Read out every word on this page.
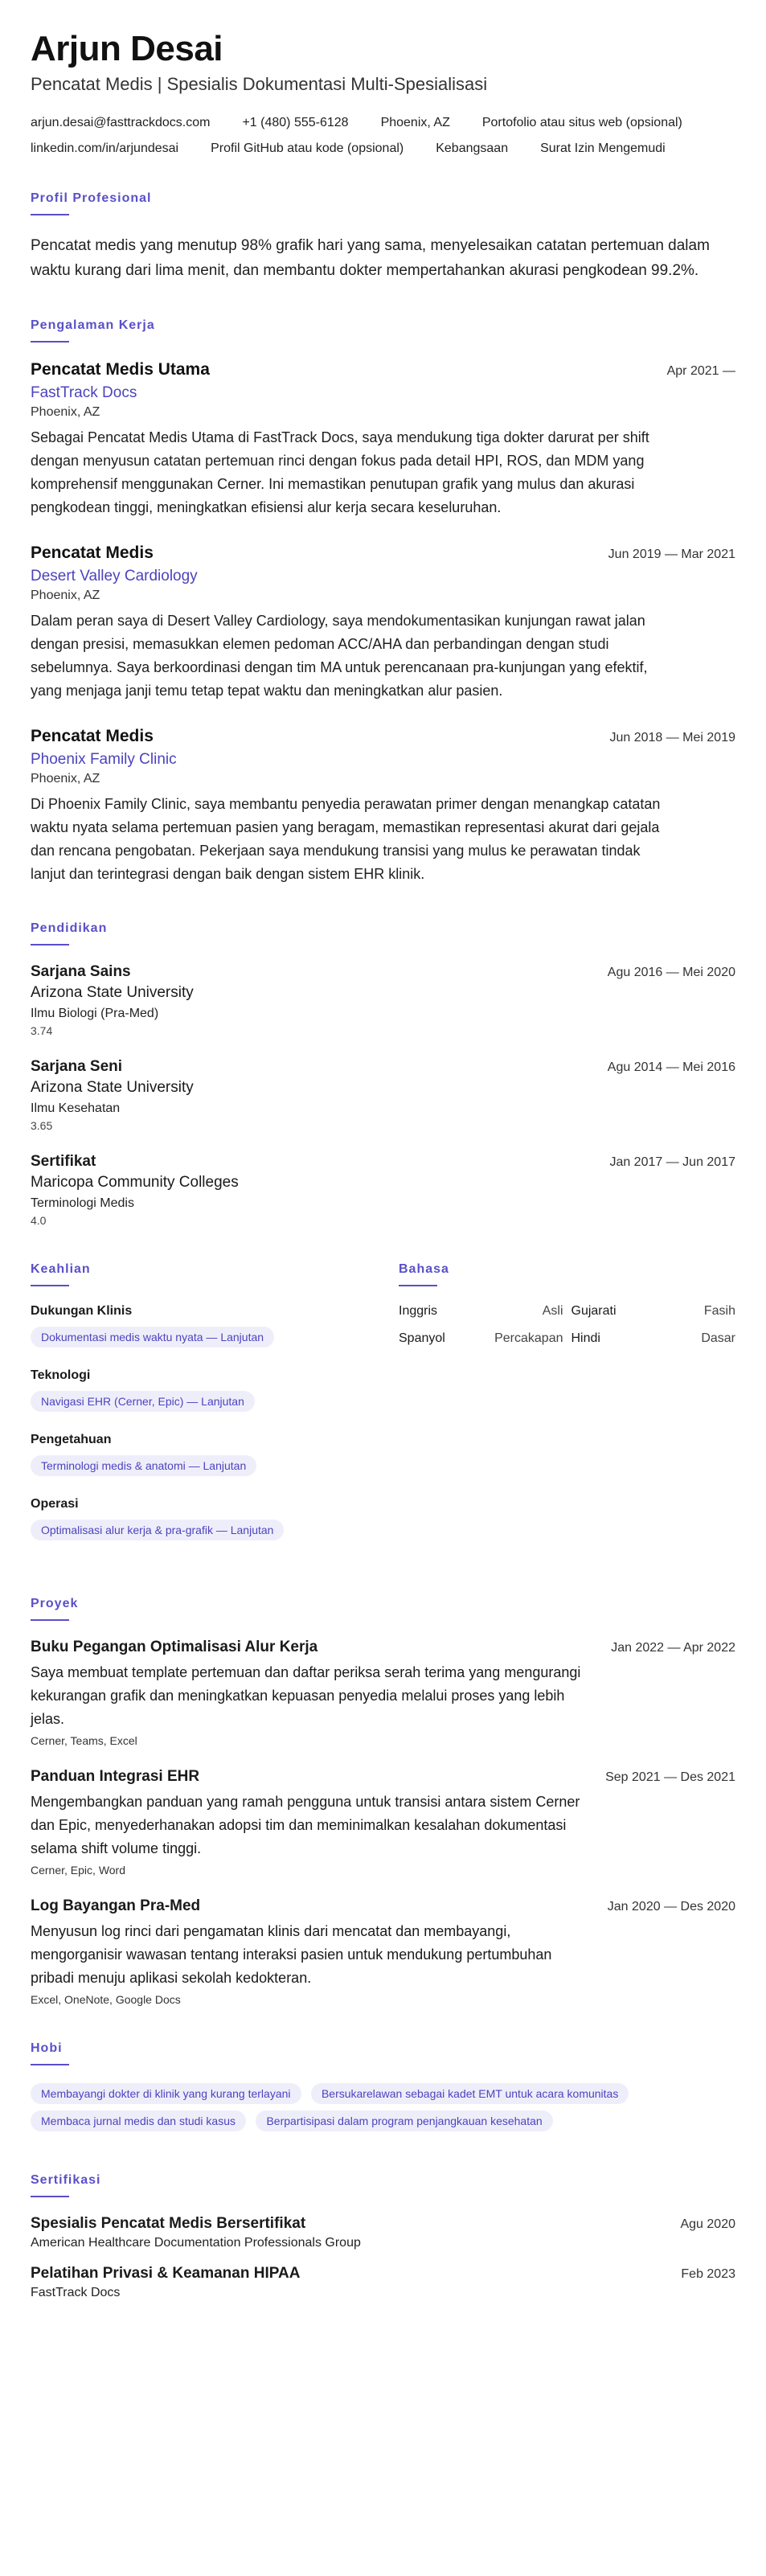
Arjun Desai
Pencatat Medis | Spesialis Dokumentasi Multi-Spesialisasi
arjun.desai@fasttrackdocs.com	+1 (480) 555-6128	Phoenix, AZ	Portofolio atau situs web (opsional)
linkedin.com/in/arjundesai	Profil GitHub atau kode (opsional)	Kebangsaan	Surat Izin Mengemudi
Profil Profesional

Pencatat medis yang menutup 98% grafik hari yang sama, menyelesaikan catatan pertemuan dalam waktu kurang dari lima menit, dan membantu dokter mempertahankan akurasi pengkodean 99.2%.

Pengalaman Kerja
Pencatat Medis Utama	Apr 2021 —
FastTrack Docs
Phoenix, AZ
Sebagai Pencatat Medis Utama di FastTrack Docs, saya mendukung tiga dokter darurat per shift dengan menyusun catatan pertemuan rinci dengan fokus pada detail HPI, ROS, dan MDM yang komprehensif menggunakan Cerner. Ini memastikan penutupan grafik yang mulus dan akurasi pengkodean tinggi, meningkatkan efisiensi alur kerja secara keseluruhan.
Pencatat Medis	Jun 2019 — Mar 2021
Desert Valley Cardiology
Phoenix, AZ
Dalam peran saya di Desert Valley Cardiology, saya mendokumentasikan kunjungan rawat jalan dengan presisi, memasukkan elemen pedoman ACC/AHA dan perbandingan dengan studi sebelumnya. Saya berkoordinasi dengan tim MA untuk perencanaan pra-kunjungan yang efektif, yang menjaga janji temu tetap tepat waktu dan meningkatkan alur pasien.
Pencatat Medis	Jun 2018 — Mei 2019
Phoenix Family Clinic
Phoenix, AZ
Di Phoenix Family Clinic, saya membantu penyedia perawatan primer dengan menangkap catatan waktu nyata selama pertemuan pasien yang beragam, memastikan representasi akurat dari gejala dan rencana pengobatan. Pekerjaan saya mendukung transisi yang mulus ke perawatan tindak lanjut dan terintegrasi dengan baik dengan sistem EHR klinik.
Pendidikan
Sarjana Sains	Agu 2016 — Mei 2020
Arizona State University
Ilmu Biologi (Pra-Med)
3.74
Sarjana Seni	Agu 2014 — Mei 2016
Arizona State University
Ilmu Kesehatan
3.65
Sertifikat	Jan 2017 — Jun 2017
Maricopa Community Colleges
Terminologi Medis
4.0
Keahlian
Dukungan Klinis
Dokumentasi medis waktu nyata — Lanjutan
Teknologi
Navigasi EHR (Cerner, Epic) — Lanjutan
Pengetahuan
Terminologi medis & anatomi — Lanjutan
Operasi
Optimalisasi alur kerja & pra-grafik — Lanjutan
Bahasa
Inggris	Asli Gujarati	Fasih
Spanyol	Percakapan Hindi	Dasar
Proyek
Buku Pegangan Optimalisasi Alur Kerja	Jan 2022 — Apr 2022
Saya membuat template pertemuan dan daftar periksa serah terima yang mengurangi kekurangan grafik dan meningkatkan kepuasan penyedia melalui proses yang lebih jelas.
Cerner, Teams, Excel
Panduan Integrasi EHR	Sep 2021 — Des 2021
Mengembangkan panduan yang ramah pengguna untuk transisi antara sistem Cerner dan Epic, menyederhanakan adopsi tim dan meminimalkan kesalahan dokumentasi selama shift volume tinggi.
Cerner, Epic, Word
Log Bayangan Pra-Med	Jan 2020 — Des 2020
Menyusun log rinci dari pengamatan klinis dari mencatat dan membayangi, mengorganisir wawasan tentang interaksi pasien untuk mendukung pertumbuhan pribadi menuju aplikasi sekolah kedokteran.
Excel, OneNote, Google Docs
Hobi
Membayangi dokter di klinik yang kurang terlayani	Bersukarelawan sebagai kadet EMT untuk acara komunitas Membaca jurnal medis dan studi kasus	Berpartisipasi dalam program penjangkauan kesehatan
Sertifikasi
Spesialis Pencatat Medis Bersertifikat	Agu 2020
American Healthcare Documentation Professionals Group
Pelatihan Privasi & Keamanan HIPAA	Feb 2023
FastTrack Docs
